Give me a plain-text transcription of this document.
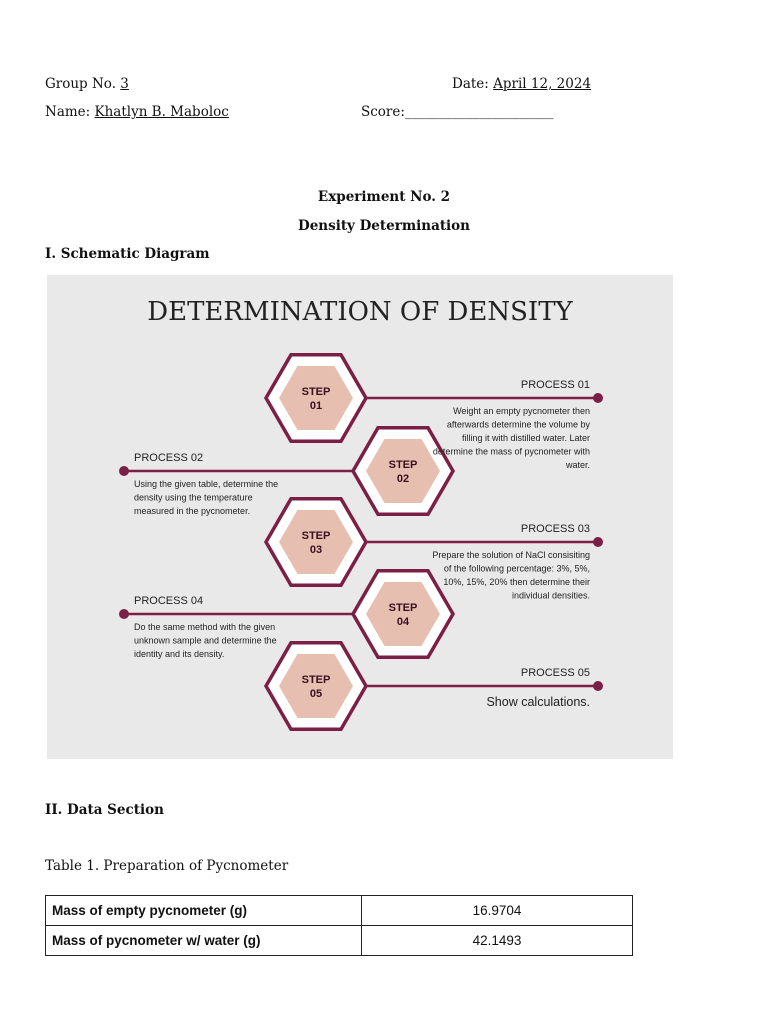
Group No. 3	Date: April 12, 2024
Name: Khatlyn B. Maboloc	Score:______________________
Experiment No. 2
Density Determination
I. Schematic Diagram
DETERMINATION OF DENSITY
STEP
01
STEP
02
STEP
03
STEP
04
STEP
05
PROCESS 01
Weight an empty pycnometer then
afterwards determine the volume by
filling it with distilled water. Later
determine the mass of pycnometer with
water.
PROCESS 02
Using the given table, determine the
density using the temperature
measured in the pycnometer.
PROCESS 03
Prepare the solution of NaCl consisiting
of the following percentage: 3%, 5%,
10%, 15%, 20% then determine their
individual densities.
PROCESS 04
Do the same method with the given
unknown sample and determine the
identity and its density.
PROCESS 05
Show calculations.
II. Data Section
Table 1. Preparation of Pycnometer
Mass of empty pycnometer (g)	16.9704
Mass of pycnometer w/ water (g)	42.1493
